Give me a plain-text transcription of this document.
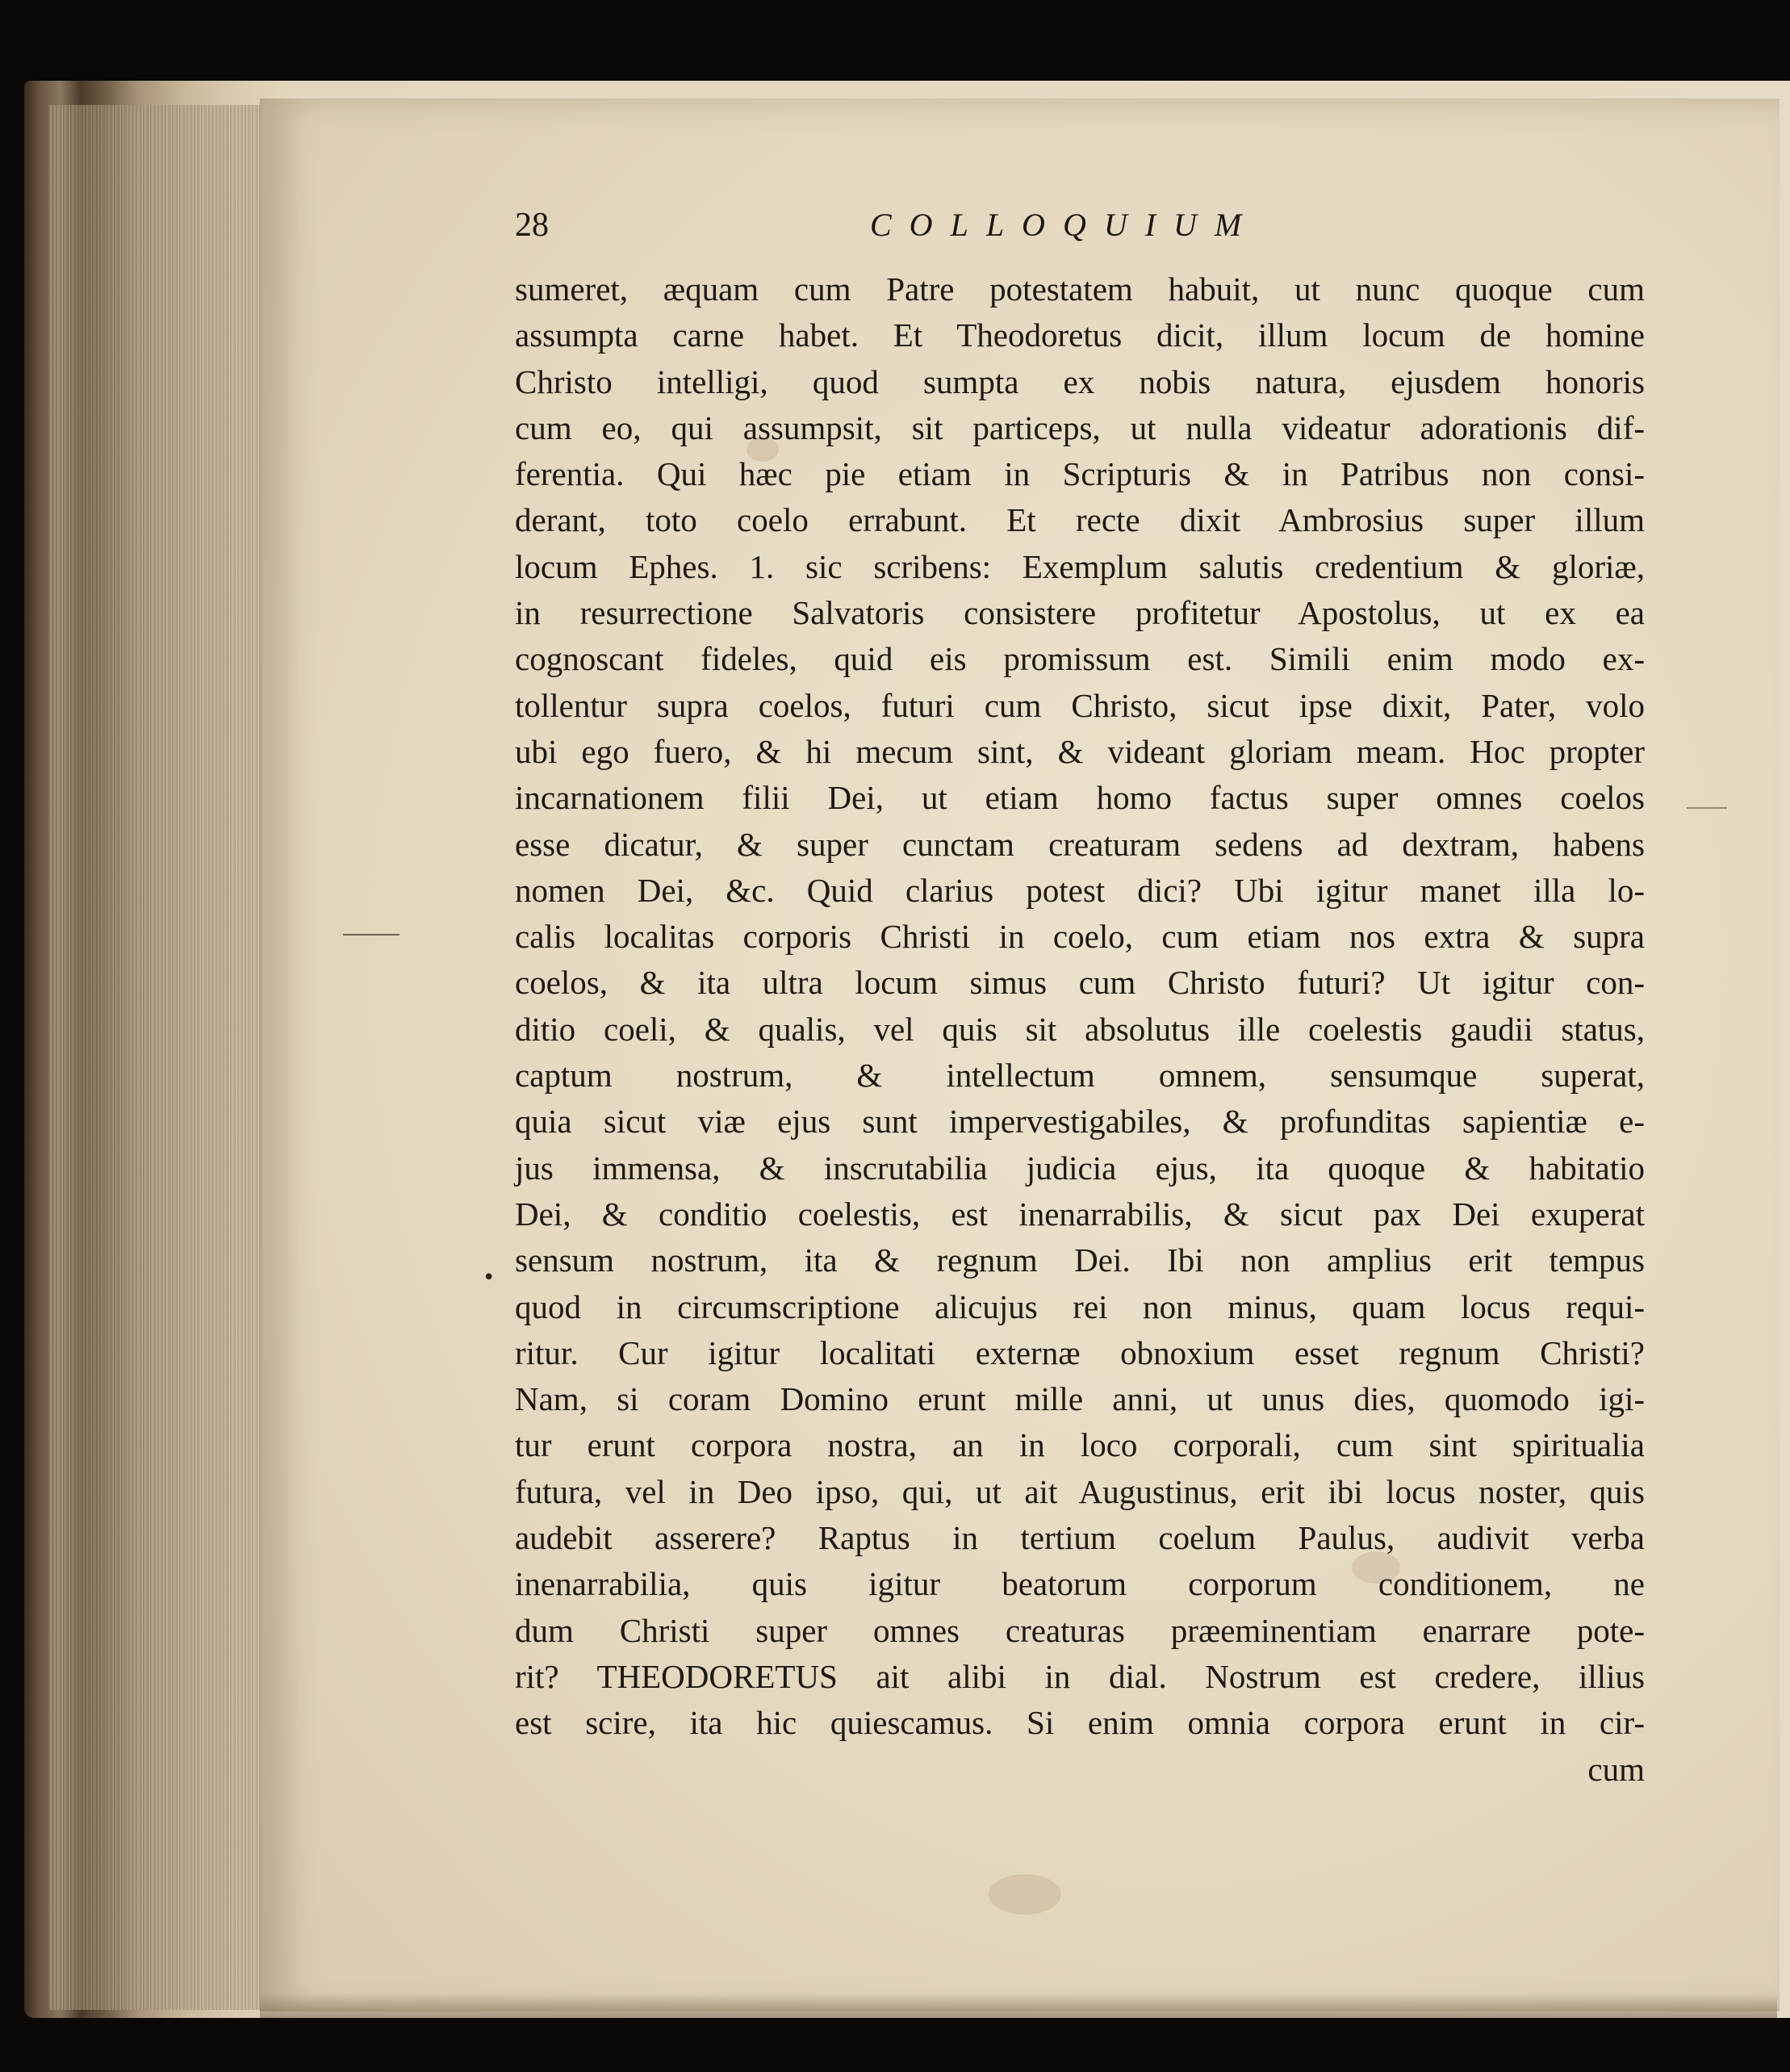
28	COLLOQUIUM
sumeret, æquam cum Patre potestatem habuit, ut nunc quoque cum
assumpta carne habet. Et Theodoretus dicit, illum locum de homine
Christo intelligi, quod sumpta ex nobis natura, ejusdem honoris
cum eo, qui assumpsit, sit particeps, ut nulla videatur adorationis dif-
ferentia. Qui hæc pie etiam in Scripturis & in Patribus non consi-
derant, toto coelo errabunt. Et recte dixit Ambrosius super illum
locum Ephes. 1. sic scribens: Exemplum salutis credentium & gloriæ,
in resurrectione Salvatoris consistere profitetur Apostolus, ut ex ea
cognoscant fideles, quid eis promissum est. Simili enim modo ex-
tollentur supra coelos, futuri cum Christo, sicut ipse dixit, Pater, volo
ubi ego fuero, & hi mecum sint, & videant gloriam meam. Hoc propter
incarnationem filii Dei, ut etiam homo factus super omnes coelos
esse dicatur, & super cunctam creaturam sedens ad dextram, habens
nomen Dei, &c. Quid clarius potest dici? Ubi igitur manet illa lo-
calis localitas corporis Christi in coelo, cum etiam nos extra & supra
coelos, & ita ultra locum simus cum Christo futuri? Ut igitur con-
ditio coeli, & qualis, vel quis sit absolutus ille coelestis gaudii status,
captum nostrum, & intellectum omnem, sensumque superat,
quia sicut viæ ejus sunt impervestigabiles, & profunditas sapientiæ e-
jus immensa, & inscrutabilia judicia ejus, ita quoque & habitatio
Dei, & conditio coelestis, est inenarrabilis, & sicut pax Dei exuperat
sensum nostrum, ita & regnum Dei. Ibi non amplius erit tempus
quod in circumscriptione alicujus rei non minus, quam locus requi-
ritur. Cur igitur localitati externæ obnoxium esset regnum Christi?
Nam, si coram Domino erunt mille anni, ut unus dies, quomodo igi-
tur erunt corpora nostra, an in loco corporali, cum sint spiritualia
futura, vel in Deo ipso, qui, ut ait Augustinus, erit ibi locus noster, quis
audebit asserere? Raptus in tertium coelum Paulus, audivit verba
inenarrabilia, quis igitur beatorum corporum conditionem, ne
dum Christi super omnes creaturas præeminentiam enarrare pote-
rit? THEODORETUS ait alibi in dial. Nostrum est credere, illius
est scire, ita hic quiescamus. Si enim omnia corpora erunt in cir-
cum
•
